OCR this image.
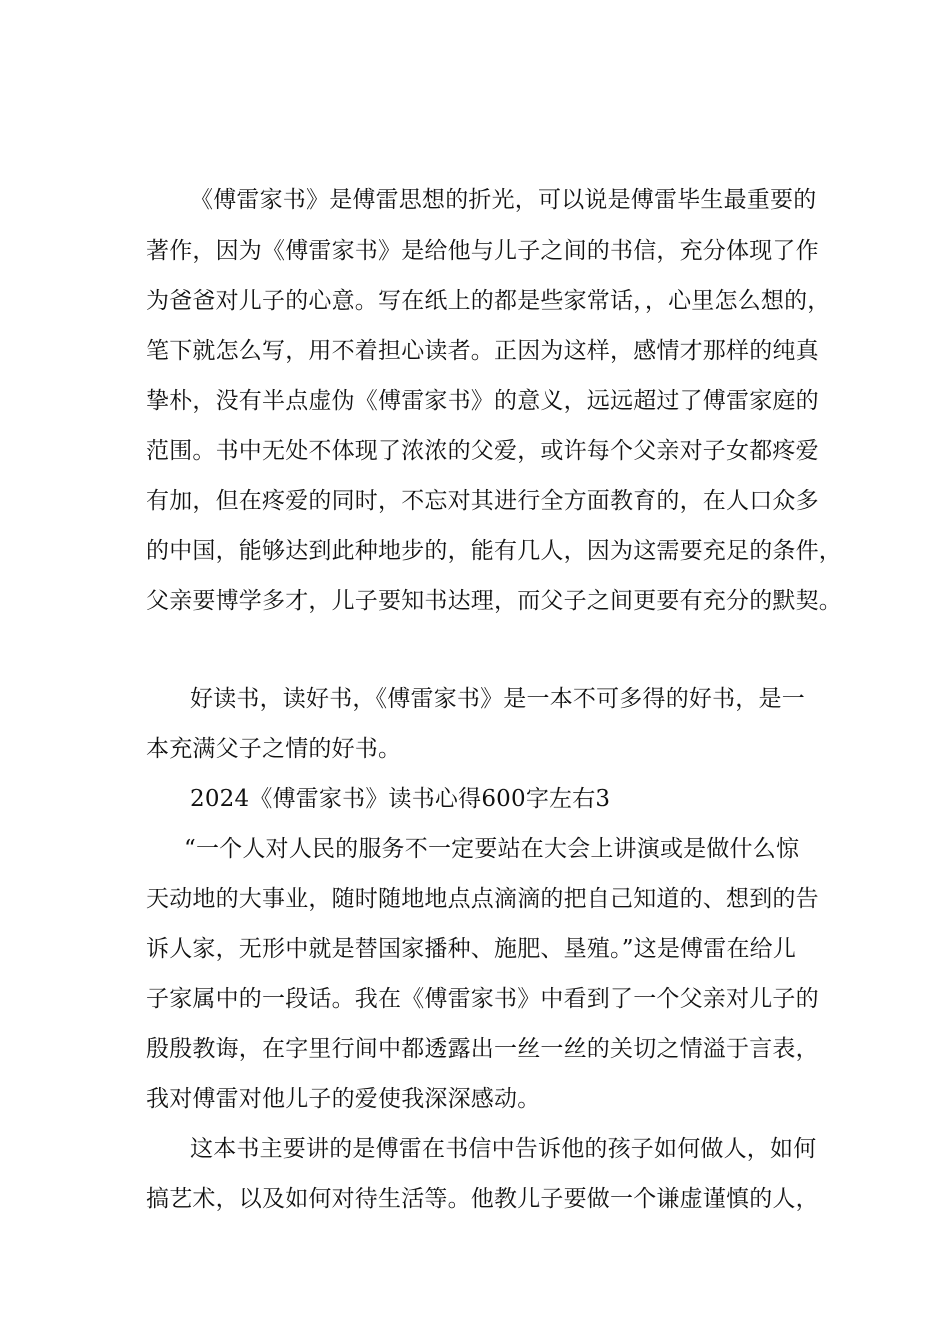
《傅雷家书》是傅雷思想的折光，可以说是傅雷毕生最重要的
著作，因为《傅雷家书》是给他与儿子之间的书信，充分体现了作
为爸爸对儿子的心意。写在纸上的都是些家常话，，心里怎么想的，
笔下就怎么写，用不着担心读者。正因为这样，感情才那样的纯真
挚朴，没有半点虚伪《傅雷家书》的意义，远远超过了傅雷家庭的
范围。书中无处不体现了浓浓的父爱，或许每个父亲对子女都疼爱
有加，但在疼爱的同时，不忘对其进行全方面教育的，在人口众多
的中国，能够达到此种地步的，能有几人，因为这需要充足的条件，
父亲要博学多才，儿子要知书达理，而父子之间更要有充分的默契。
好读书，读好书，《傅雷家书》是一本不可多得的好书，是一
本充满父子之情的好书。
2024《傅雷家书》读书心得600字左右3
“一个人对人民的服务不一定要站在大会上讲演或是做什么惊
天动地的大事业，随时随地地点点滴滴的把自己知道的、想到的告
诉人家，无形中就是替国家播种、施肥、垦殖。”这是傅雷在给儿
子家属中的一段话。我在《傅雷家书》中看到了一个父亲对儿子的
殷殷教诲，在字里行间中都透露出一丝一丝的关切之情溢于言表，
我对傅雷对他儿子的爱使我深深感动。
这本书主要讲的是傅雷在书信中告诉他的孩子如何做人，如何
搞艺术，以及如何对待生活等。他教儿子要做一个谦虚谨慎的人，
